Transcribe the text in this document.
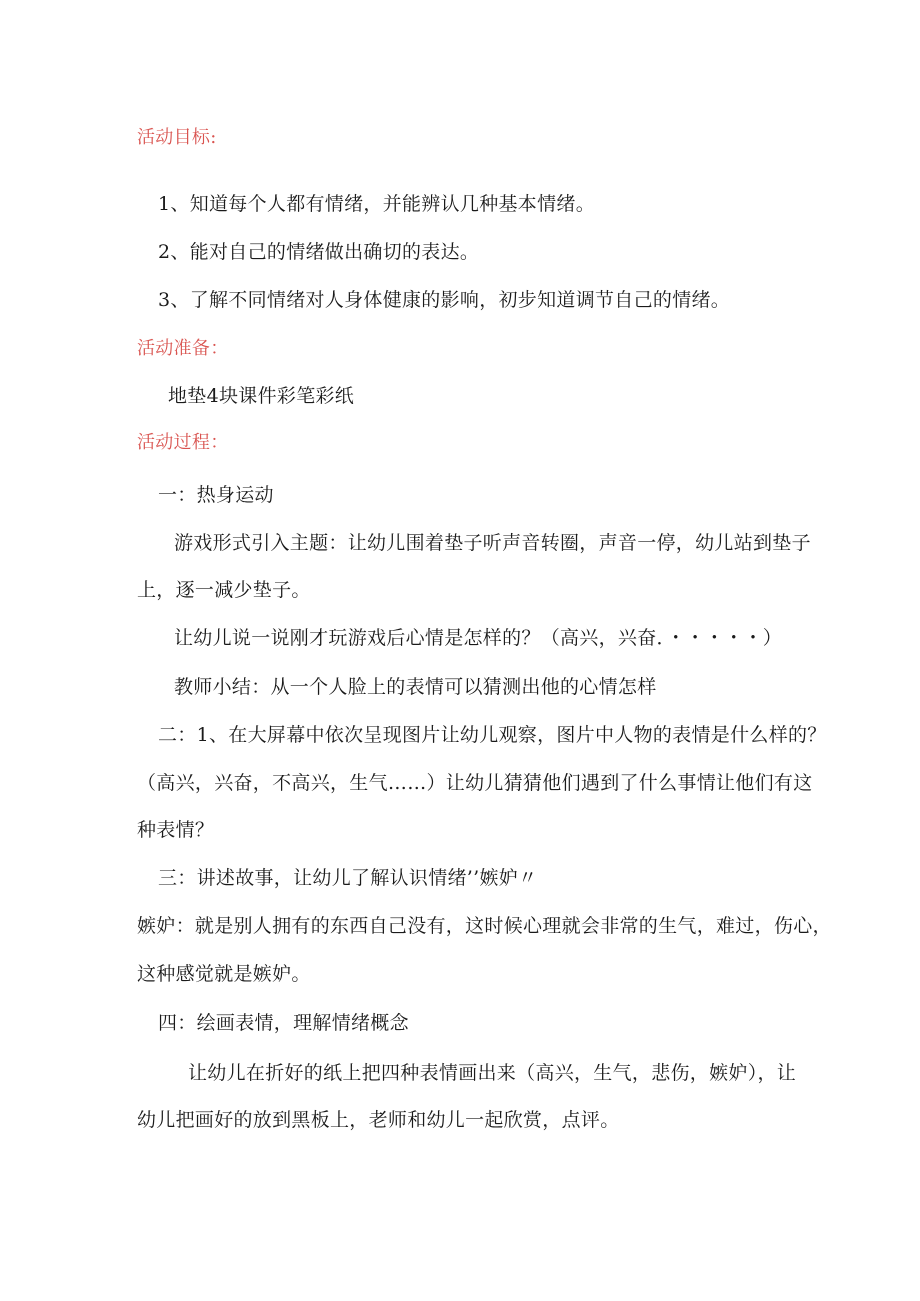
活动目标:
1、知道每个人都有情绪，并能辨认几种基本情绪。
2、能对自己的情绪做出确切的表达。
3、了解不同情绪对人身体健康的影响，初步知道调节自己的情绪。
活动准备：
地垫4块课件彩笔彩纸
活动过程：
一：热身运动
游戏形式引入主题：让幼儿围着垫子听声音转圈，声音一停，幼儿站到垫子
上，逐一减少垫子。
让幼儿说一说刚才玩游戏后心情是怎样的？（高兴，兴奋．・・・・・）
教师小结：从一个人脸上的表情可以猜测出他的心情怎样
二：1、在大屏幕中依次呈现图片让幼儿观察，图片中人物的表情是什么样的？
（高兴，兴奋，不高兴，生气……）让幼儿猜猜他们遇到了什么事情让他们有这
种表情？
三：讲述故事，让幼儿了解认识情绪’’嫉妒〃
嫉妒：就是别人拥有的东西自己没有，这时候心理就会非常的生气，难过，伤心，
这种感觉就是嫉妒。
四：绘画表情，理解情绪概念
让幼儿在折好的纸上把四种表情画出来（高兴，生气，悲伤，嫉妒），让
幼儿把画好的放到黑板上，老师和幼儿一起欣赏，点评。
